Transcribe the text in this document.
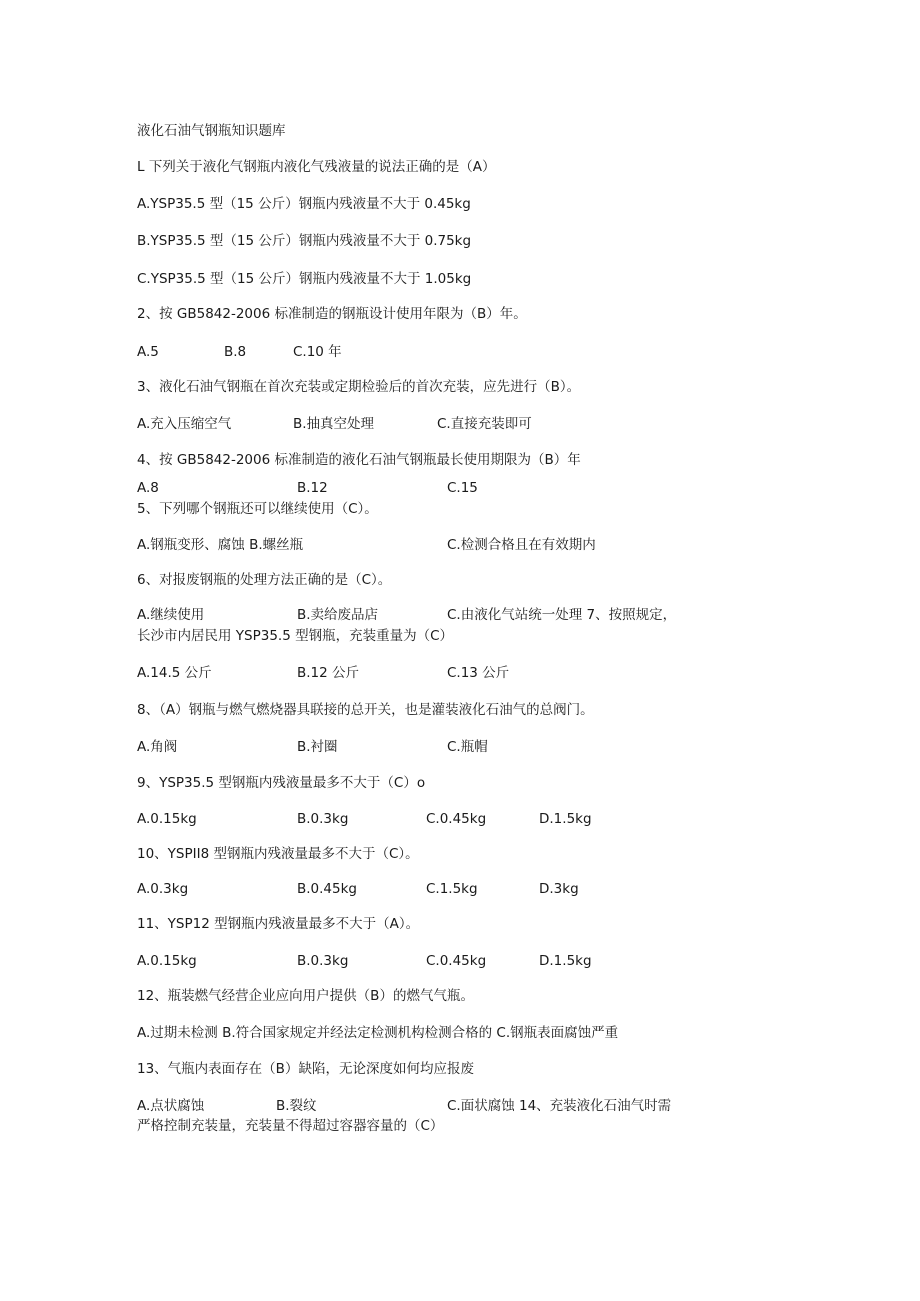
液化石油气钢瓶知识题库
L 下列关于液化气钢瓶内液化气残液量的说法正确的是（A）
A.YSP35.5 型（15 公斤）钢瓶内残液量不大于 0.45kg
B.YSP35.5 型（15 公斤）钢瓶内残液量不大于 0.75kg
C.YSP35.5 型（15 公斤）钢瓶内残液量不大于 1.05kg
2、按 GB5842-2006 标准制造的钢瓶设计使用年限为（B）年。
A.5	B.8	C.10 年
3、液化石油气钢瓶在首次充装或定期检验后的首次充装，应先进行（B）。
A.充入压缩空气	B.抽真空处理	C.直接充装即可
4、按 GB5842-2006 标准制造的液化石油气钢瓶最长使用期限为（B）年
A.8	B.12	C.15
5、下列哪个钢瓶还可以继续使用（C）。
A.钢瓶变形、腐蚀 B.螺丝瓶	C.检测合格且在有效期内
6、对报废钢瓶的处理方法正确的是（C）。
A.继续使用	B.卖给废品店	C.由液化气站统一处理 7、按照规定，
长沙市内居民用 YSP35.5 型钢瓶，充装重量为（C）
A.14.5 公斤	B.12 公斤	C.13 公斤
8、（A）钢瓶与燃气燃烧器具联接的总开关，也是灌装液化石油气的总阀门。
A.角阀	B.衬圈	C.瓶帽
9、YSP35.5 型钢瓶内残液量最多不大于（C）o
A.0.15kg	B.0.3kg	C.0.45kg	D.1.5kg
10、YSPII8 型钢瓶内残液量最多不大于（C）。
A.0.3kg	B.0.45kg	C.1.5kg	D.3kg
11、YSP12 型钢瓶内残液量最多不大于（A）。
A.0.15kg	B.0.3kg	C.0.45kg	D.1.5kg
12、瓶装燃气经营企业应向用户提供（B）的燃气气瓶。
A.过期未检测 B.符合国家规定并经法定检测机构检测合格的 C.钢瓶表面腐蚀严重
13、气瓶内表面存在（B）缺陷，无论深度如何均应报废
A.点状腐蚀	B.裂纹	C.面状腐蚀 14、充装液化石油气时需
严格控制充装量，充装量不得超过容器容量的（C）
